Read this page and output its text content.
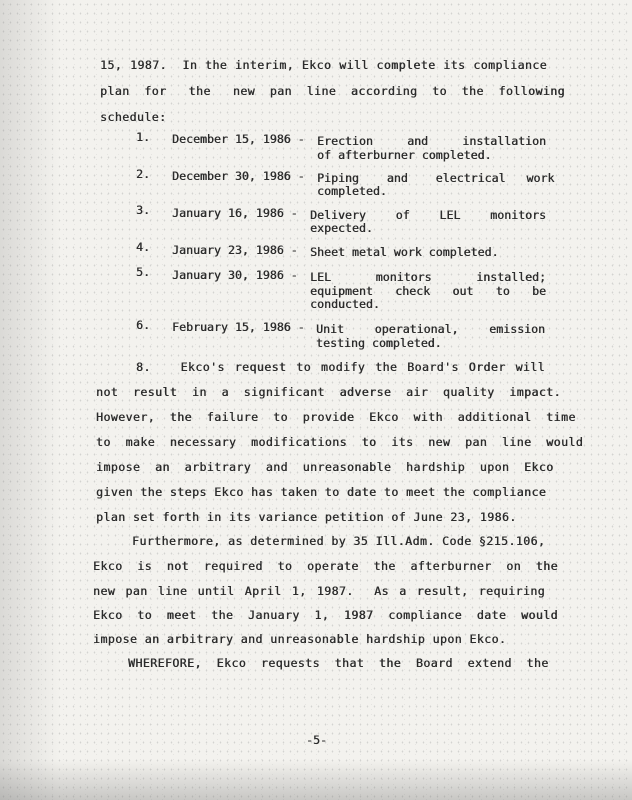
15, 1987.  In the interim, Ekco will complete its compliance
plan  for   the   new  pan  line  according  to  the  following
schedule:
1. December 15, 1986 - Erection    and    installation
of afterburner completed.
2. December 30, 1986 - Piping    and    electrical   work
completed.
3. January 16, 1986 - Delivery    of    LEL    monitors
expected.
4. January 23, 1986 - Sheet metal work completed.
5. January 30, 1986 - LEL     monitors     installed;
equipment   check   out   to   be
conducted.
6. February 15, 1986 - Unit    operational,    emission
testing completed.
8.   Ekco's request to modify the Board's Order will
not  result  in  a  significant  adverse  air  quality  impact.
However,  the  failure  to  provide  Ekco  with  additional  time
to  make  necessary  modifications  to  its  new  pan  line  would
impose  an  arbitrary  and  unreasonable  hardship  upon  Ekco
given the steps Ekco has taken to date to meet the compliance
plan set forth in its variance petition of June 23, 1986.
Furthermore, as determined by 35 Ill.Adm. Code §215.106,
Ekco  is  not  required  to  operate  the  afterburner  on  the
new pan line until April 1, 1987.  As a result, requiring
Ekco  to  meet  the  January  1,  1987  compliance  date  would
impose an arbitrary and unreasonable hardship upon Ekco.
WHEREFORE,  Ekco  requests  that  the  Board  extend  the
-5-
